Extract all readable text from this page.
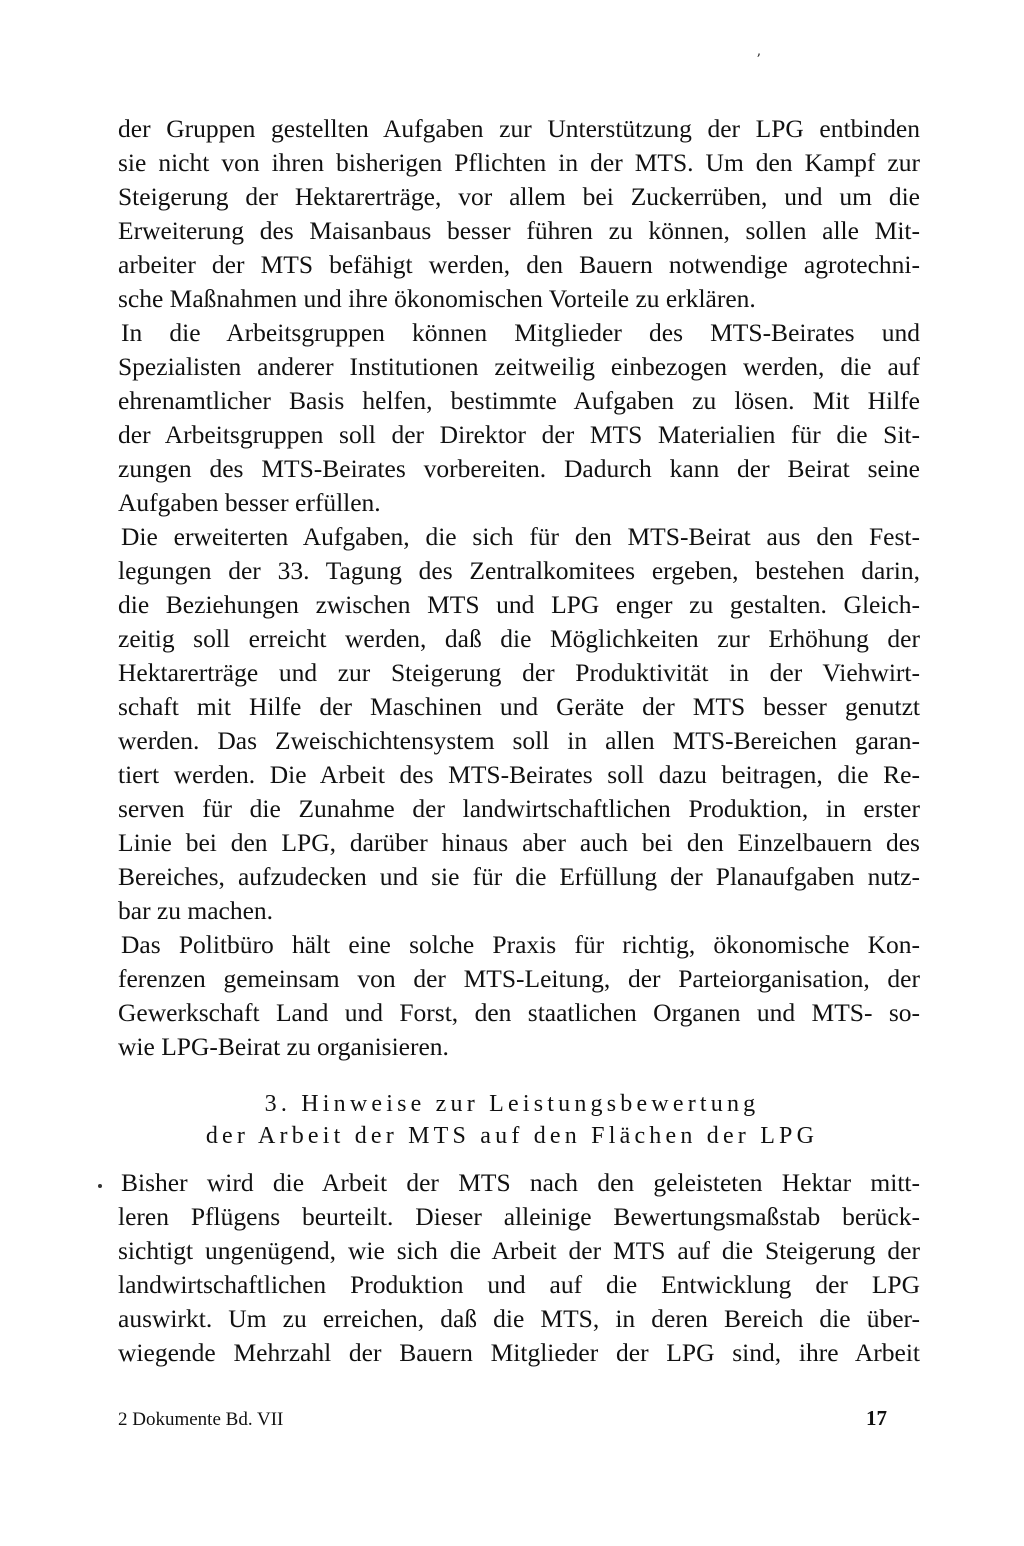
ʼ
der Gruppen gestellten Aufgaben zur Unterstützung der LPG entbinden
sie nicht von ihren bisherigen Pflichten in der MTS. Um den Kampf zur
Steigerung der Hektarerträge, vor allem bei Zuckerrüben, und um die
Erweiterung des Maisanbaus besser führen zu können, sollen alle Mit-
arbeiter der MTS befähigt werden, den Bauern notwendige agrotechni-
sche Maßnahmen und ihre ökonomischen Vorteile zu erklären.
In die Arbeitsgruppen können Mitglieder des MTS-Beirates und
Spezialisten anderer Institutionen zeitweilig einbezogen werden, die auf
ehrenamtlicher Basis helfen, bestimmte Aufgaben zu lösen. Mit Hilfe
der Arbeitsgruppen soll der Direktor der MTS Materialien für die Sit-
zungen des MTS-Beirates vorbereiten. Dadurch kann der Beirat seine
Aufgaben besser erfüllen.
Die erweiterten Aufgaben, die sich für den MTS-Beirat aus den Fest-
legungen der 33. Tagung des Zentralkomitees ergeben, bestehen darin,
die Beziehungen zwischen MTS und LPG enger zu gestalten. Gleich-
zeitig soll erreicht werden, daß die Möglichkeiten zur Erhöhung der
Hektarerträge und zur Steigerung der Produktivität in der Viehwirt-
schaft mit Hilfe der Maschinen und Geräte der MTS besser genutzt
werden. Das Zweischichtensystem soll in allen MTS-Bereichen garan-
tiert werden. Die Arbeit des MTS-Beirates soll dazu beitragen, die Re-
serven für die Zunahme der landwirtschaftlichen Produktion, in erster
Linie bei den LPG, darüber hinaus aber auch bei den Einzelbauern des
Bereiches, aufzudecken und sie für die Erfüllung der Planaufgaben nutz-
bar zu machen.
Das Politbüro hält eine solche Praxis für richtig, ökonomische Kon-
ferenzen gemeinsam von der MTS-Leitung, der Parteiorganisation, der
Gewerkschaft Land und Forst, den staatlichen Organen und MTS- so-
wie LPG-Beirat zu organisieren.
3. Hinweise zur Leistungsbewertung
der Arbeit der MTS auf den Flächen der LPG
Bisher wird die Arbeit der MTS nach den geleisteten Hektar mitt-
leren Pflügens beurteilt. Dieser alleinige Bewertungsmaßstab berück-
sichtigt ungenügend, wie sich die Arbeit der MTS auf die Steigerung der
landwirtschaftlichen Produktion und auf die Entwicklung der LPG
auswirkt. Um zu erreichen, daß die MTS, in deren Bereich die über-
wiegende Mehrzahl der Bauern Mitglieder der LPG sind, ihre Arbeit
2 Dokumente Bd. VII	17
